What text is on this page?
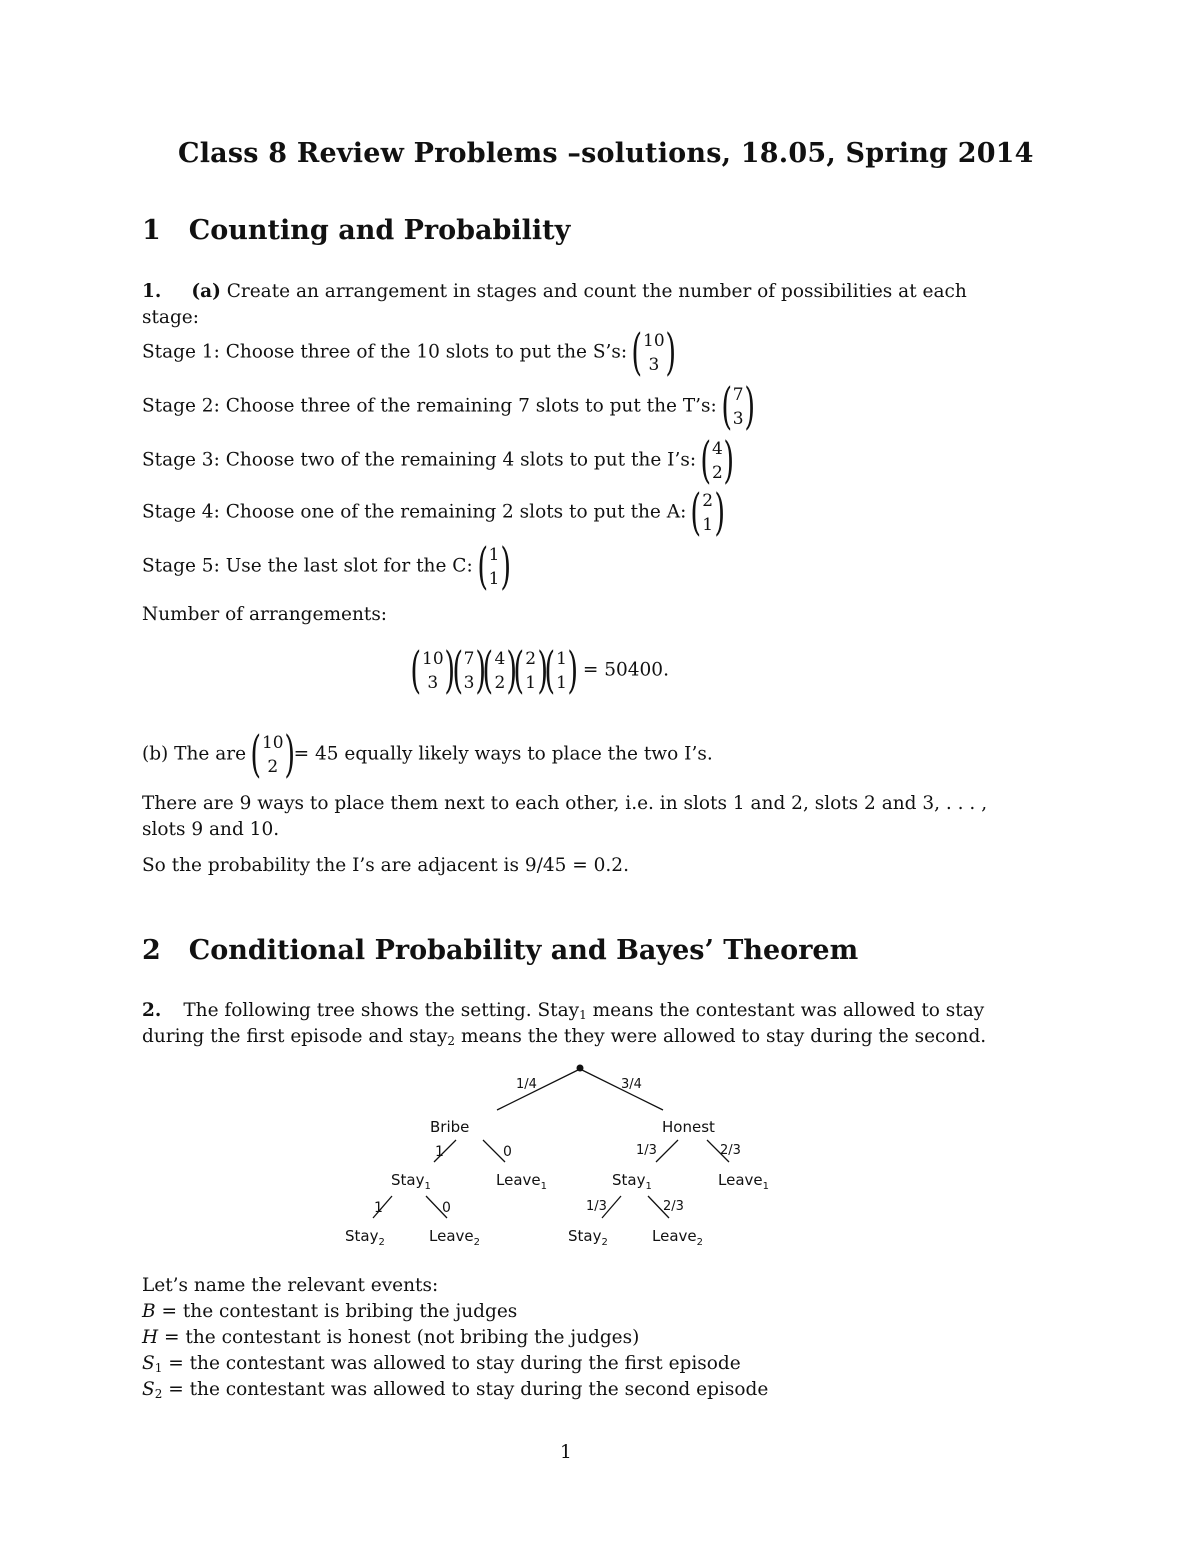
Class 8 Review Problems –solutions, 18.05, Spring 2014
1 Counting and Probability
1. (a) Create an arrangement in stages and count the number of possibilities at each
stage:
Stage 1: Choose three of the 10 slots to put the S’s: ( 10
3 )
Stage 2: Choose three of the remaining 7 slots to put the T’s: ( 7
3 )
Stage 3: Choose two of the remaining 4 slots to put the I’s: ( 4
2 )
Stage 4: Choose one of the remaining 2 slots to put the A: ( 2
1 )
Stage 5: Use the last slot for the C: ( 1
1 )
Number of arrangements:
( 10
3 )
( 7
3 )
( 4
2 )
( 2
1 )
( 1
1 ) = 50400.
(b) The are ( 10
2 )
= 45 equally likely ways to place the two I’s.
There are 9 ways to place them next to each other, i.e. in slots 1 and 2, slots 2 and 3, . . . ,
slots 9 and 10.
So the probability the I’s are adjacent is 9/45 = 0.2.
2 Conditional Probability and Bayes’ Theorem
2. The following tree shows the setting. Stay$_1$ means the contestant was allowed to stay
during the first episode and stay$_2$ means the they were allowed to stay during the second.
1/4	3/4
Bribe
1	0
Honest
1/3	2/3
Stay$_1$	Leave$_1$	Stay$_1$	Leave$_1$
1	0	1/3	2/3
Stay$_2$	Leave$_2$	Stay$_2$	Leave$_2$
Let’s name the relevant events:
B = the contestant is bribing the judges
H = the contestant is honest (not bribing the judges)
$S_1$ = the contestant was allowed to stay during the first episode
$S_2$ = the contestant was allowed to stay during the second episode
1
